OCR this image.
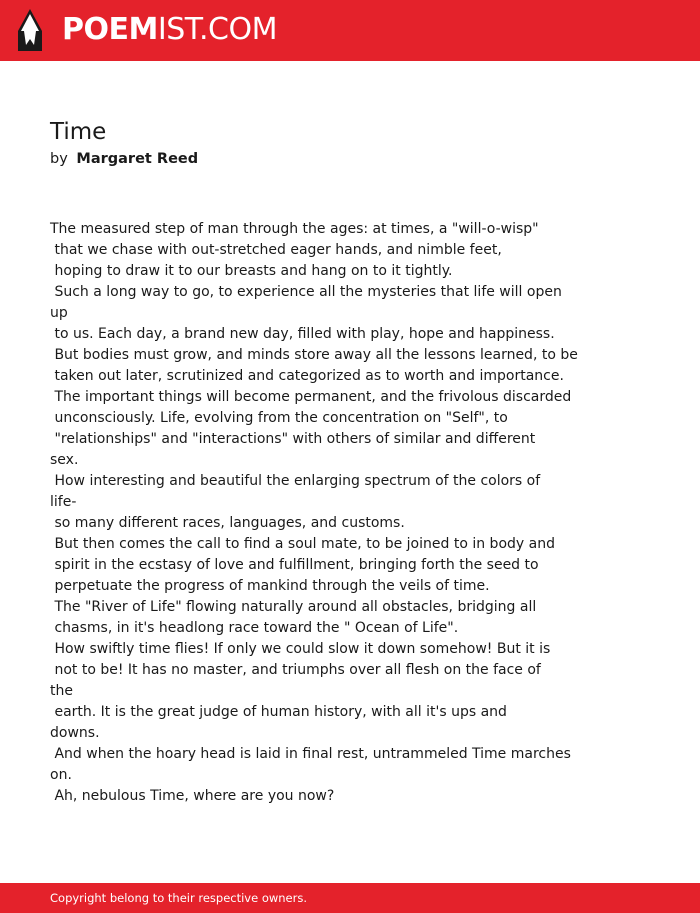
POEMIST.COM
Time
by Margaret Reed
The measured step of man through the ages: at times, a "will-o-wisp"
that we chase with out-stretched eager hands, and nimble feet,
hoping to draw it to our breasts and hang on to it tightly.
Such a long way to go, to experience all the mysteries that life will open
up
to us. Each day, a brand new day, filled with play, hope and happiness.
But bodies must grow, and minds store away all the lessons learned, to be
taken out later, scrutinized and categorized as to worth and importance.
The important things will become permanent, and the frivolous discarded
unconsciously. Life, evolving from the concentration on "Self", to
"relationships" and "interactions" with others of similar and different
sex.
How interesting and beautiful the enlarging spectrum of the colors of
life-
so many different races, languages, and customs.
But then comes the call to find a soul mate, to be joined to in body and
spirit in the ecstasy of love and fulfillment, bringing forth the seed to
perpetuate the progress of mankind through the veils of time.
The "River of Life" flowing naturally around all obstacles, bridging all
chasms, in it's headlong race toward the " Ocean of Life".
How swiftly time flies! If only we could slow it down somehow! But it is
not to be! It has no master, and triumphs over all flesh on the face of
the
earth. It is the great judge of human history, with all it's ups and
downs.
And when the hoary head is laid in final rest, untrammeled Time marches
on.
Ah, nebulous Time, where are you now?
Copyright belong to their respective owners.
